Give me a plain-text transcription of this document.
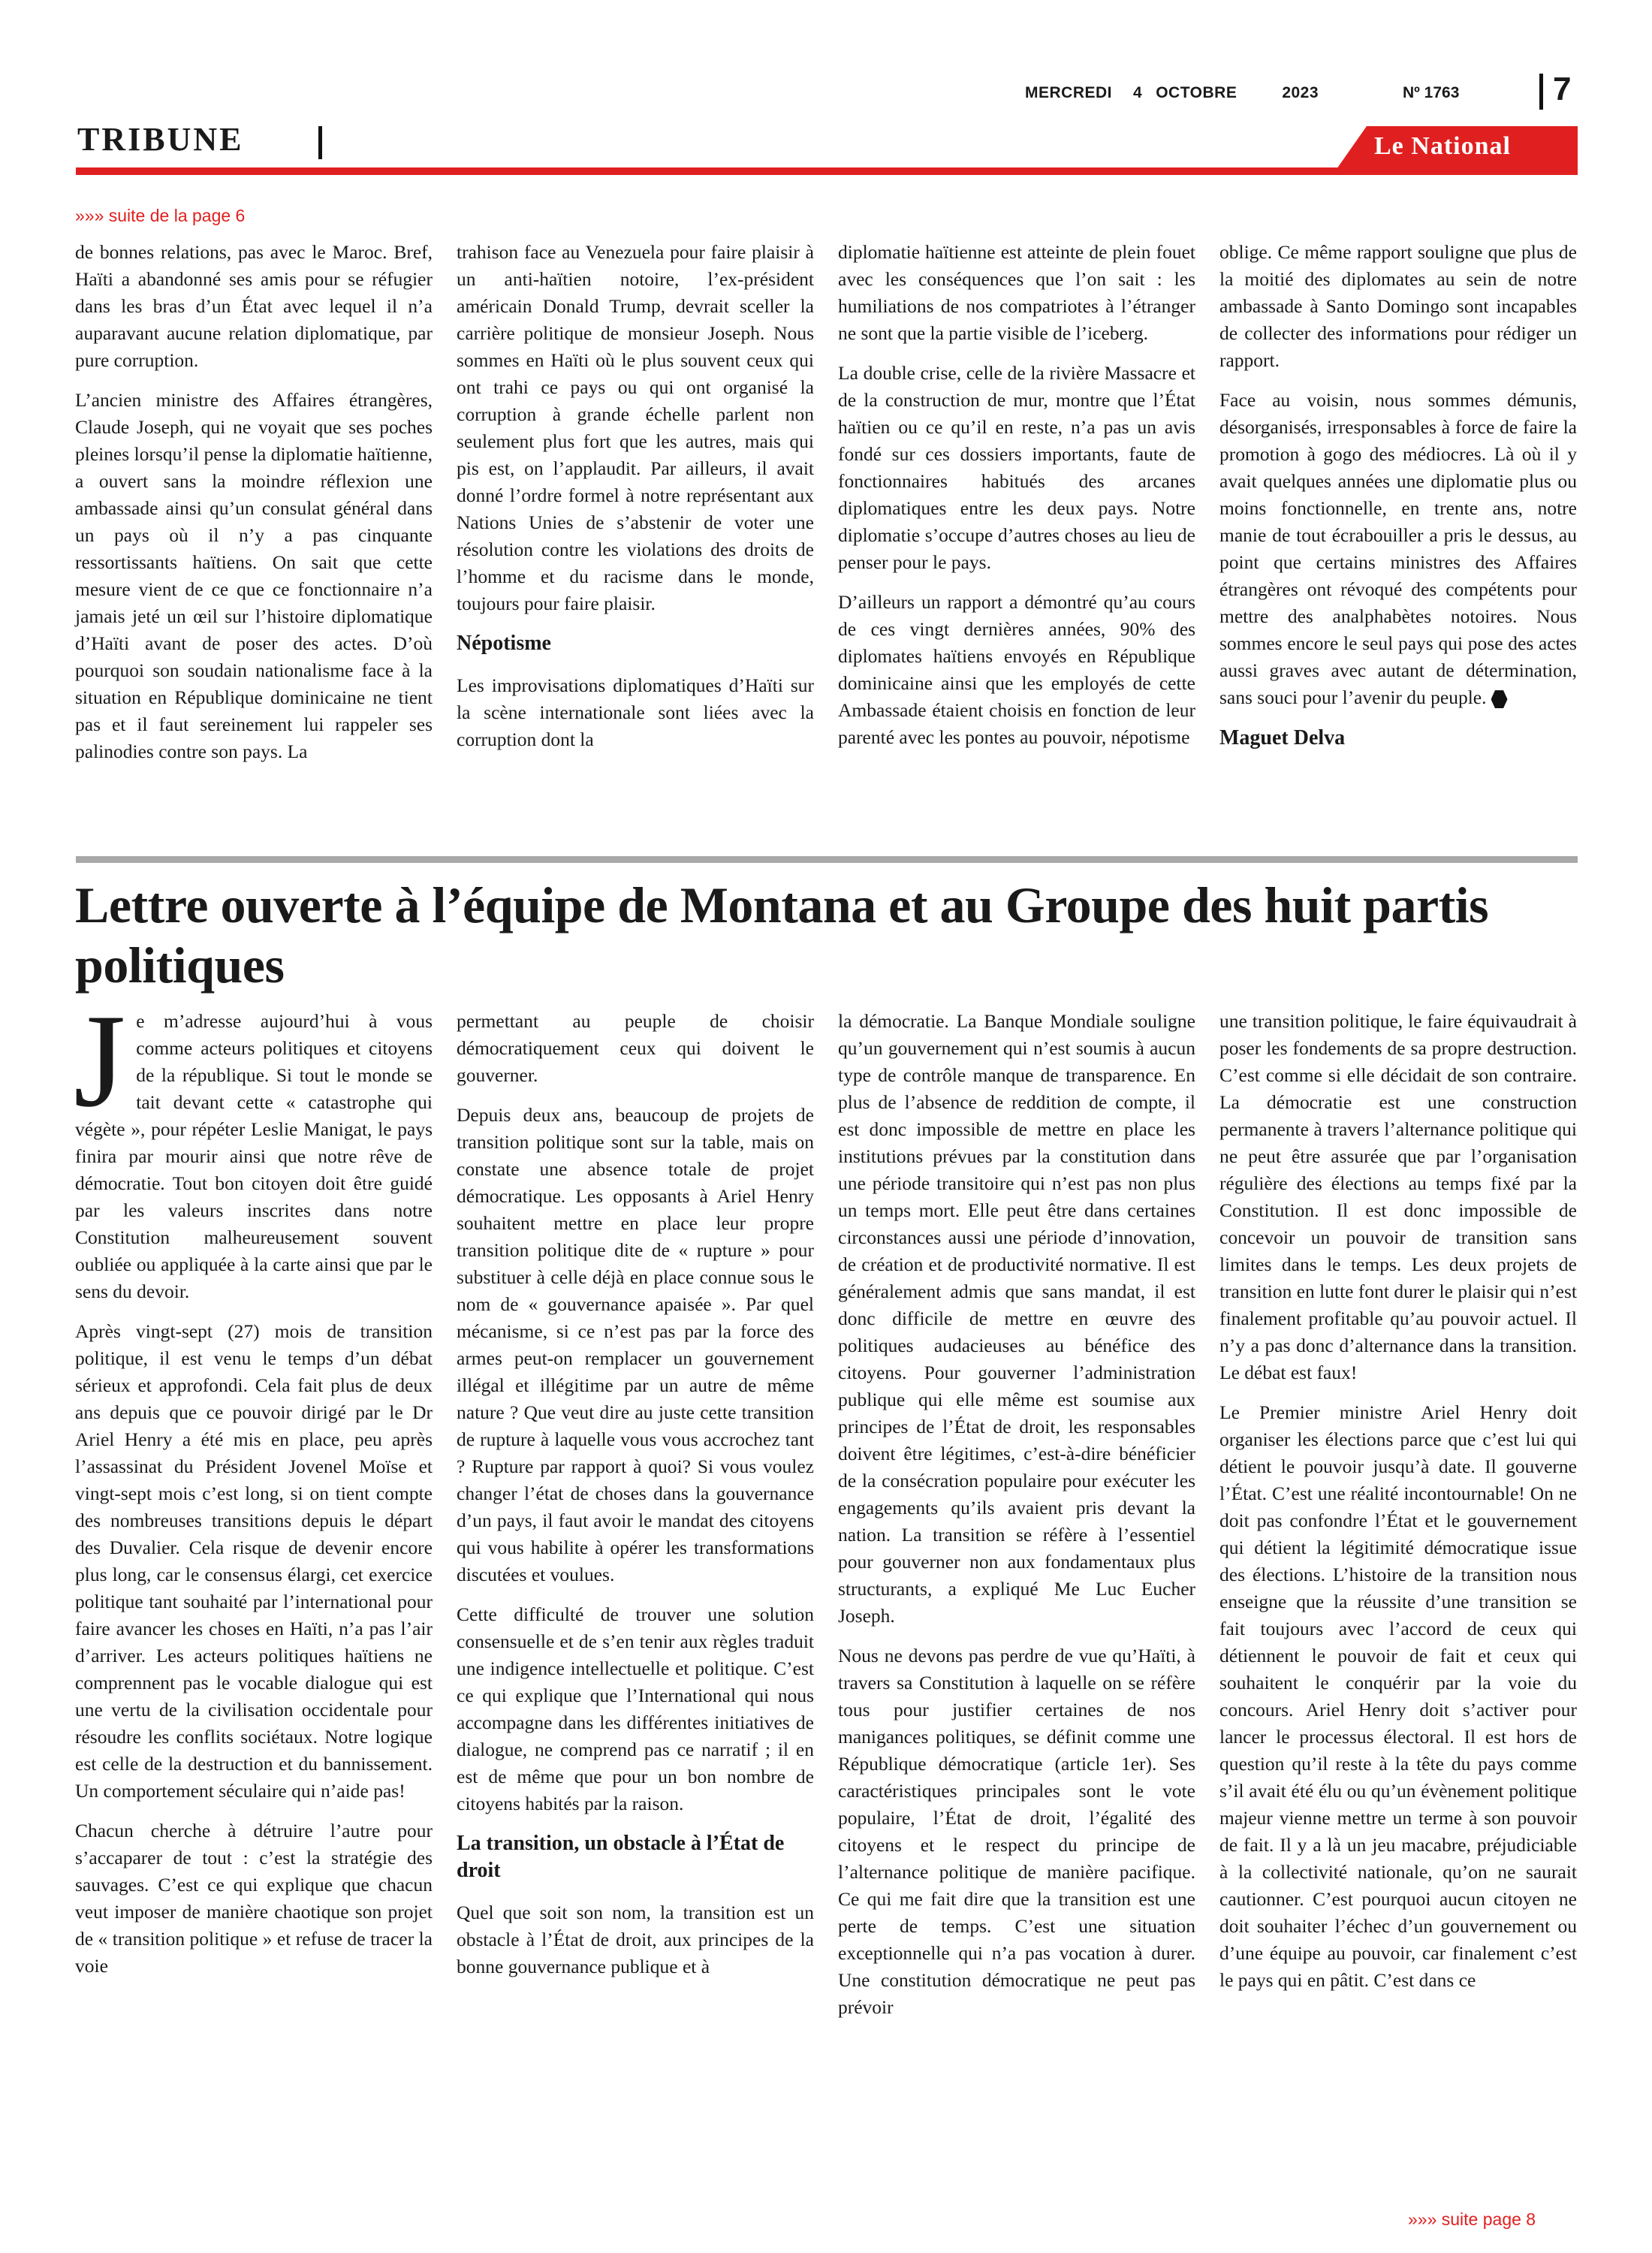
MERCREDI 4 OCTOBRE	2023	Nº 1763	7
TRIBUNE	Le National
»»» suite de la page 6

de bonnes relations, pas avec le Maroc. Bref, Haïti a abandonné ses amis pour se réfugier dans les bras d’un État avec lequel il n’a auparavant aucune relation diplomatique, par pure corruption.

L’ancien ministre des Affaires étrangères, Claude Joseph, qui ne voyait que ses poches pleines lorsqu’il pense la diplomatie haïtienne, a ouvert sans la moindre réflexion une ambassade ainsi qu’un consulat général dans un pays où il n’y a pas cinquante ressortissants haïtiens. On sait que cette mesure vient de ce que ce fonctionnaire n’a jamais jeté un œil sur l’histoire diplomatique d’Haïti avant de poser des actes. D’où pourquoi son soudain nationalisme face à la situation en République dominicaine ne tient pas et il faut sereinement lui rappeler ses palinodies contre son pays. La

trahison face au Venezuela pour faire plaisir à un anti-haïtien notoire, l’ex-président américain Donald Trump, devrait sceller la carrière politique de monsieur Joseph. Nous sommes en Haïti où le plus souvent ceux qui ont trahi ce pays ou qui ont organisé la corruption à grande échelle parlent non seulement plus fort que les autres, mais qui pis est, on l’applaudit. Par ailleurs, il avait donné l’ordre formel à notre représentant aux Nations Unies de s’abstenir de voter une résolution contre les violations des droits de l’homme et du racisme dans le monde, toujours pour faire plaisir.

Népotisme

Les improvisations diplomatiques d’Haïti sur la scène internationale sont liées avec la corruption dont la

diplomatie haïtienne est atteinte de plein fouet avec les conséquences que l’on sait : les humiliations de nos compatriotes à l’étranger ne sont que la partie visible de l’iceberg.

La double crise, celle de la rivière Massacre et de la construction de mur, montre que l’État haïtien ou ce qu’il en reste, n’a pas un avis fondé sur ces dossiers importants, faute de fonctionnaires habitués des arcanes diplomatiques entre les deux pays. Notre diplomatie s’occupe d’autres choses au lieu de penser pour le pays.

D’ailleurs un rapport a démontré qu’au cours de ces vingt dernières années, 90% des diplomates haïtiens envoyés en République dominicaine ainsi que les employés de cette Ambassade étaient choisis en fonction de leur parenté avec les pontes au pouvoir, népotisme

oblige. Ce même rapport souligne que plus de la moitié des diplomates au sein de notre ambassade à Santo Domingo sont incapables de collecter des informations pour rédiger un rapport.

Face au voisin, nous sommes démunis, désorganisés, irresponsables à force de faire la promotion à gogo des médiocres. Là où il y avait quelques années une diplomatie plus ou moins fonctionnelle, en trente ans, notre manie de tout écrabouiller a pris le dessus, au point que certains ministres des Affaires étrangères ont révoqué des compétents pour mettre des analphabètes notoires. Nous sommes encore le seul pays qui pose des actes aussi graves avec autant de détermination, sans souci pour l’avenir du peuple.

Maguet Delva
Lettre ouverte à l’équipe de Montana et au Groupe des huit partis politiques

Je m’adresse aujourd’hui à vous comme acteurs politiques et citoyens de la république. Si tout le monde se tait devant cette « catastrophe qui végète », pour répéter Leslie Manigat, le pays finira par mourir ainsi que notre rêve de démocratie. Tout bon citoyen doit être guidé par les valeurs inscrites dans notre Constitution malheureusement souvent oubliée ou appliquée à la carte ainsi que par le sens du devoir.

Après vingt-sept (27) mois de transition politique, il est venu le temps d’un débat sérieux et approfondi. Cela fait plus de deux ans depuis que ce pouvoir dirigé par le Dr Ariel Henry a été mis en place, peu après l’assassinat du Président Jovenel Moïse et vingt-sept mois c’est long, si on tient compte des nombreuses transitions depuis le départ des Duvalier. Cela risque de devenir encore plus long, car le consensus élargi, cet exercice politique tant souhaité par l’international pour faire avancer les choses en Haïti, n’a pas l’air d’arriver. Les acteurs politiques haïtiens ne comprennent pas le vocable dialogue qui est une vertu de la civilisation occidentale pour résoudre les conflits sociétaux. Notre logique est celle de la destruction et du bannissement. Un comportement séculaire qui n’aide pas!

Chacun cherche à détruire l’autre pour s’accaparer de tout : c’est la stratégie des sauvages. C’est ce qui explique que chacun veut imposer de manière chaotique son projet de « transition politique » et refuse de tracer la voie

permettant au peuple de choisir démocratiquement ceux qui doivent le gouverner.

Depuis deux ans, beaucoup de projets de transition politique sont sur la table, mais on constate une absence totale de projet démocratique. Les opposants à Ariel Henry souhaitent mettre en place leur propre transition politique dite de « rupture » pour substituer à celle déjà en place connue sous le nom de « gouvernance apaisée ». Par quel mécanisme, si ce n’est pas par la force des armes peut-on remplacer un gouvernement illégal et illégitime par un autre de même nature ? Que veut dire au juste cette transition de rupture à laquelle vous vous accrochez tant ? Rupture par rapport à quoi? Si vous voulez changer l’état de choses dans la gouvernance d’un pays, il faut avoir le mandat des citoyens qui vous habilite à opérer les transformations discutées et voulues.

Cette difficulté de trouver une solution consensuelle et de s’en tenir aux règles traduit une indigence intellectuelle et politique. C’est ce qui explique que l’International qui nous accompagne dans les différentes initiatives de dialogue, ne comprend pas ce narratif ; il en est de même que pour un bon nombre de citoyens habités par la raison.

La transition, un obstacle à l’État de droit

Quel que soit son nom, la transition est un obstacle à l’État de droit, aux principes de la bonne gouvernance publique et à

la démocratie. La Banque Mondiale souligne qu’un gouvernement qui n’est soumis à aucun type de contrôle manque de transparence. En plus de l’absence de reddition de compte, il est donc impossible de mettre en place les institutions prévues par la constitution dans une période transitoire qui n’est pas non plus un temps mort. Elle peut être dans certaines circonstances aussi une période d’innovation, de création et de productivité normative. Il est généralement admis que sans mandat, il est donc difficile de mettre en œuvre des politiques audacieuses au bénéfice des citoyens. Pour gouverner l’administration publique qui elle même est soumise aux principes de l’État de droit, les responsables doivent être légitimes, c’est-à-dire bénéficier de la consécration populaire pour exécuter les engagements qu’ils avaient pris devant la nation. La transition se réfère à l’essentiel pour gouverner non aux fondamentaux plus structurants, a expliqué Me Luc Eucher Joseph.

Nous ne devons pas perdre de vue qu’Haïti, à travers sa Constitution à laquelle on se réfère tous pour justifier certaines de nos manigances politiques, se définit comme une République démocratique (article 1er). Ses caractéristiques principales sont le vote populaire, l’État de droit, l’égalité des citoyens et le respect du principe de l’alternance politique de manière pacifique. Ce qui me fait dire que la transition est une perte de temps. C’est une situation exceptionnelle qui n’a pas vocation à durer. Une constitution démocratique ne peut pas prévoir

une transition politique, le faire équivaudrait à poser les fondements de sa propre destruction. C’est comme si elle décidait de son contraire. La démocratie est une construction permanente à travers l’alternance politique qui ne peut être assurée que par l’organisation régulière des élections au temps fixé par la Constitution. Il est donc impossible de concevoir un pouvoir de transition sans limites dans le temps. Les deux projets de transition en lutte font durer le plaisir qui n’est finalement profitable qu’au pouvoir actuel. Il n’y a pas donc d’alternance dans la transition. Le débat est faux!

Le Premier ministre Ariel Henry doit organiser les élections parce que c’est lui qui détient le pouvoir jusqu’à date. Il gouverne l’État. C’est une réalité incontournable! On ne doit pas confondre l’État et le gouvernement qui détient la légitimité démocratique issue des élections. L’histoire de la transition nous enseigne que la réussite d’une transition se fait toujours avec l’accord de ceux qui détiennent le pouvoir de fait et ceux qui souhaitent le conquérir par la voie du concours. Ariel Henry doit s’activer pour lancer le processus électoral. Il est hors de question qu’il reste à la tête du pays comme s’il avait été élu ou qu’un évènement politique majeur vienne mettre un terme à son pouvoir de fait. Il y a là un jeu macabre, préjudiciable à la collectivité nationale, qu’on ne saurait cautionner. C’est pourquoi aucun citoyen ne doit souhaiter l’échec d’un gouvernement ou d’une équipe au pouvoir, car finalement c’est le pays qui en pâtit. C’est dans ce

»»» suite page 8
